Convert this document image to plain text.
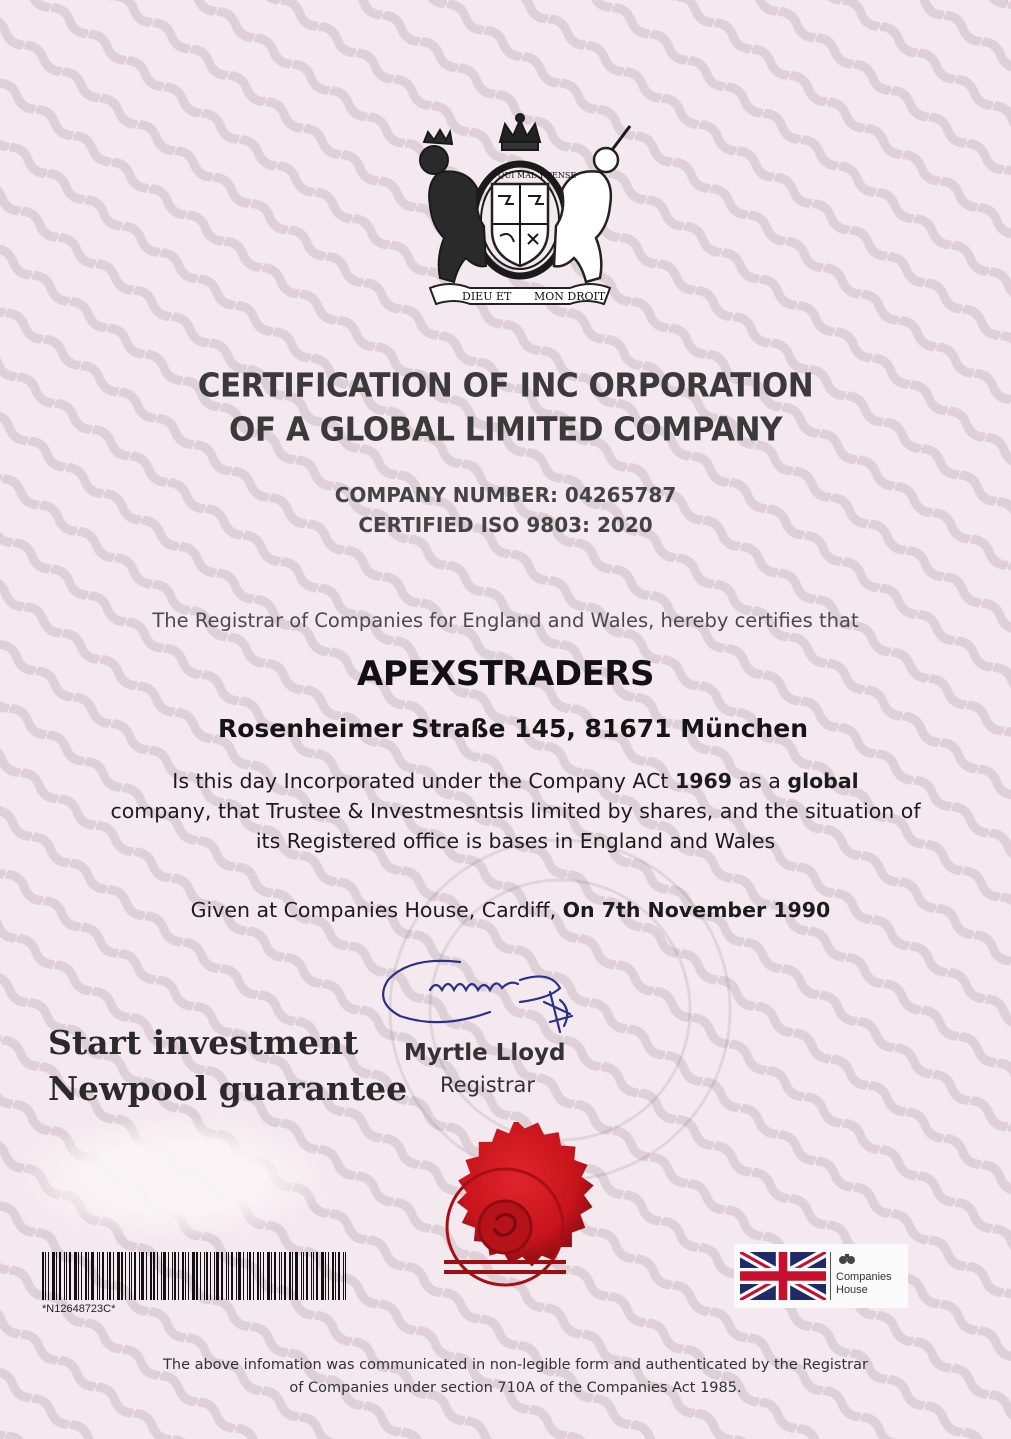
DIEU ET MON DROIT
QUI MAL Y PENSE
CERTIFICATION OF INC ORPORATION
OF A GLOBAL LIMITED COMPANY
COMPANY NUMBER: 04265787
CERTIFIED ISO 9803: 2020
The Registrar of Companies for England and Wales, hereby certifies that
APEXSTRADERS
Rosenheimer Straße 145, 81671 München
Is this day Incorporated under the Company ACt 1969 as a global
company, that Trustee & Investmesntsis limited by shares, and the situation of its Registered office is bases in England and Wales
Given at Companies House, Cardiff, On 7th November 1990
Start investment
Newpool guarantee
Myrtle Lloyd
Registrar
*N12648723C*
Companies
House
The above infomation was communicated in non-legible form and authenticated by the Registrar
of Companies under section 710A of the Companies Act 1985.
